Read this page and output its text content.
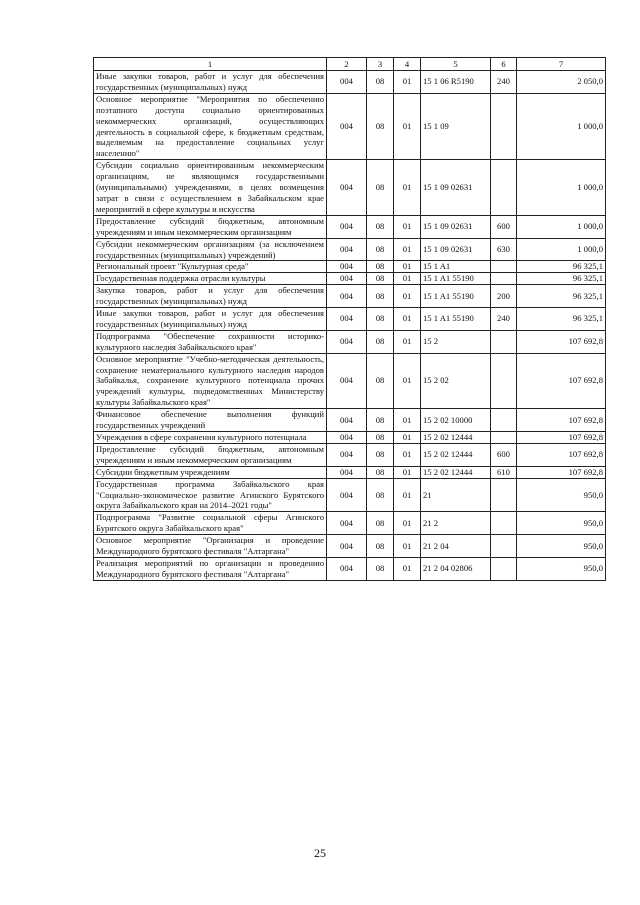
1	2	3	4	5	6	7
Иные закупки товаров, работ и услуг для обеспечения государственных (муниципальных) нужд	004	08	01	15 1 06 R5190	240	2 050,0
Основное мероприятие "Мероприятия по обеспечению поэтапного доступа социально ориентированных некоммерческих организаций, осуществляющих деятельность в социальной сфере, к бюджетным средствам, выделяемым на предоставление социальных услуг населению"	004	08	01	15 1 09		1 000,0
Субсидии социально ориентированным некоммерческим организациям, не являющимся государственными (муниципальными) учреждениями, в целях возмещения затрат в связи с осуществлением в Забайкальском крае мероприятий в сфере культуры и искусства	004	08	01	15 1 09 02631		1 000,0
Предоставление субсидий бюджетным, автономным учреждениям и иным некоммерческим организациям	004	08	01	15 1 09 02631	600	1 000,0
Субсидии некоммерческим организациям (за исключением государственных (муниципальных) учреждений)	004	08	01	15 1 09 02631	630	1 000,0
Региональный проект "Культурная среда"	004	08	01	15 1 A1		96 325,1
Государственная поддержка отрасли культуры	004	08	01	15 1 A1 55190		96 325,1
Закупка товаров, работ и услуг для обеспечения государственных (муниципальных) нужд	004	08	01	15 1 A1 55190	200	96 325,1
Иные закупки товаров, работ и услуг для обеспечения государственных (муниципальных) нужд	004	08	01	15 1 A1 55190	240	96 325,1
Подпрограмма "Обеспечение сохранности историко-культурного наследия Забайкальского края"	004	08	01	15 2		107 692,8
Основное мероприятие "Учебно-методическая деятельность, сохранение нематериального культурного наследия народов Забайкалья, сохранение культурного потенциала прочих учреждений культуры, подведомственных Министерству культуры Забайкальского края"	004	08	01	15 2 02		107 692,8
Финансовое обеспечение выполнения функций государственных учреждений	004	08	01	15 2 02 10000		107 692,8
Учреждения в сфере сохранения культурного потенциала	004	08	01	15 2 02 12444		107 692,8
Предоставление субсидий бюджетным, автономным учреждениям и иным некоммерческим организациям	004	08	01	15 2 02 12444	600	107 692,8
Субсидии бюджетным учреждениям	004	08	01	15 2 02 12444	610	107 692,8
Государственная программа Забайкальского края "Социально-экономическое развитие Агинского Бурятского округа Забайкальского края на 2014–2021 годы"	004	08	01	21		950,0
Подпрограмма "Развитие социальной сферы Агинского Бурятского округа Забайкальского края"	004	08	01	21 2		950,0
Основное мероприятие "Организация и проведение Международного бурятского фестиваля "Алтаргана"	004	08	01	21 2 04		950,0
Реализация мероприятий по организации и проведению Международного бурятского фестиваля "Алтаргана"	004	08	01	21 2 04 02806		950,0
25
